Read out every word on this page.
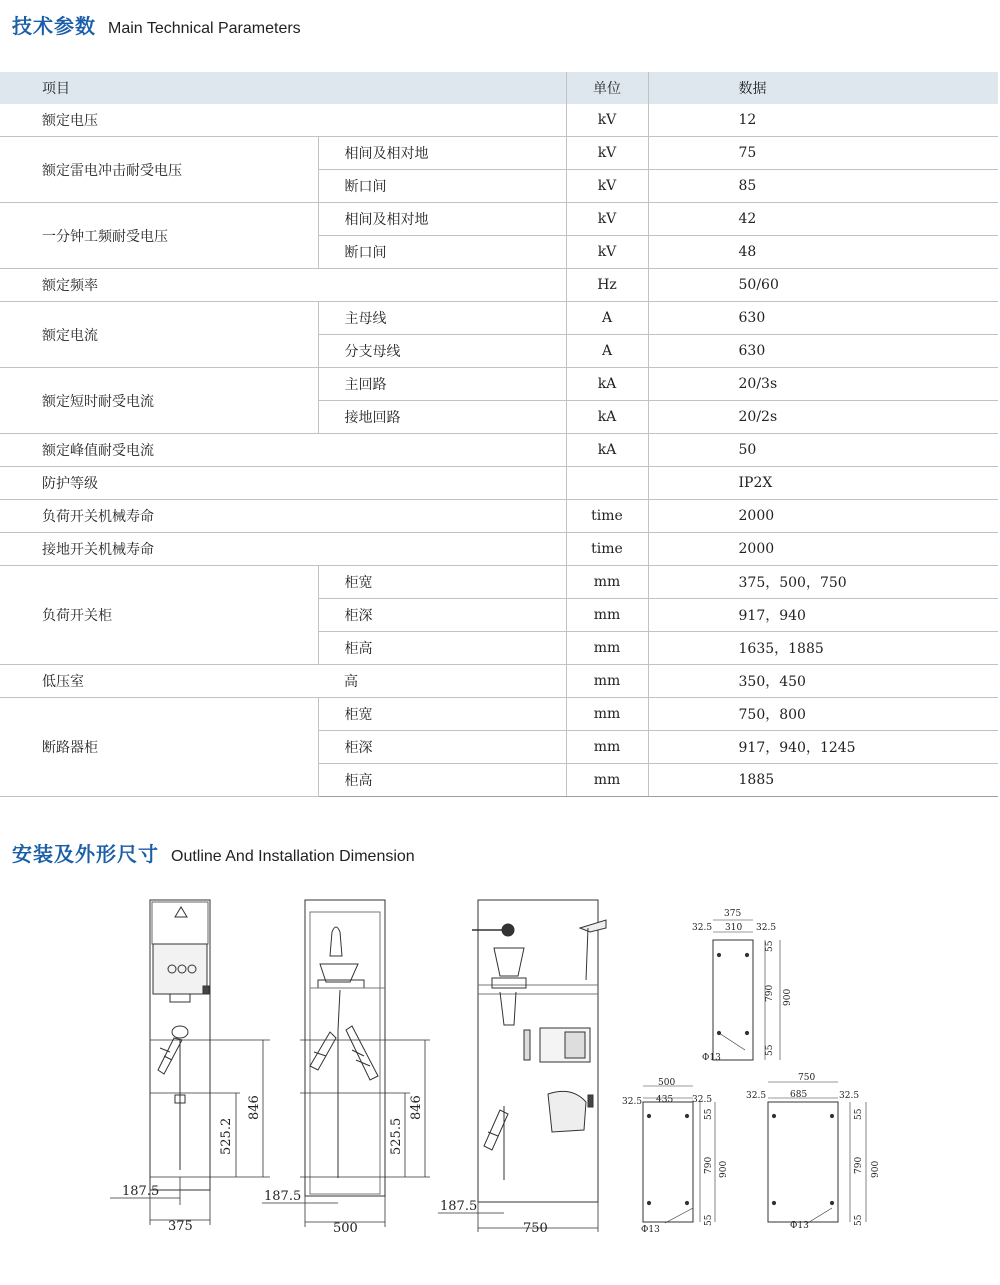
技术参数 Main Technical Parameters
项目		单位	数据
额定电压		kV	12
额定雷电冲击耐受电压	相间及相对地	kV	75
	断口间	kV	85
一分钟工频耐受电压	相间及相对地	kV	42
	断口间	kV	48
额定频率		Hz	50/60
额定电流	主母线	A	630
	分支母线	A	630
额定短时耐受电流	主回路	kA	20/3s
	接地回路	kA	20/2s
额定峰值耐受电流		kA	50
防护等级			IP2X
负荷开关机械寿命		time	2000
接地开关机械寿命		time	2000
负荷开关柜	柜宽	mm	375，500，750
	柜深	mm	917，940
	柜高	mm	1635，1885
低压室	高	mm	350，450
断路器柜	柜宽	mm	750，800
	柜深	mm	917，940，1245
	柜高	mm	1885
安装及外形尺寸 Outline And Installation Dimension
187.5
375
846
525.2
187.5
500
846
525.5
187.5
750
375
32.5 310 32.5
55
790 900
55
Φ13
500
32.5 435 32.5
55
790 900
55
Φ13
750
32.5	685	32.5
55
790 900
55
Φ13
